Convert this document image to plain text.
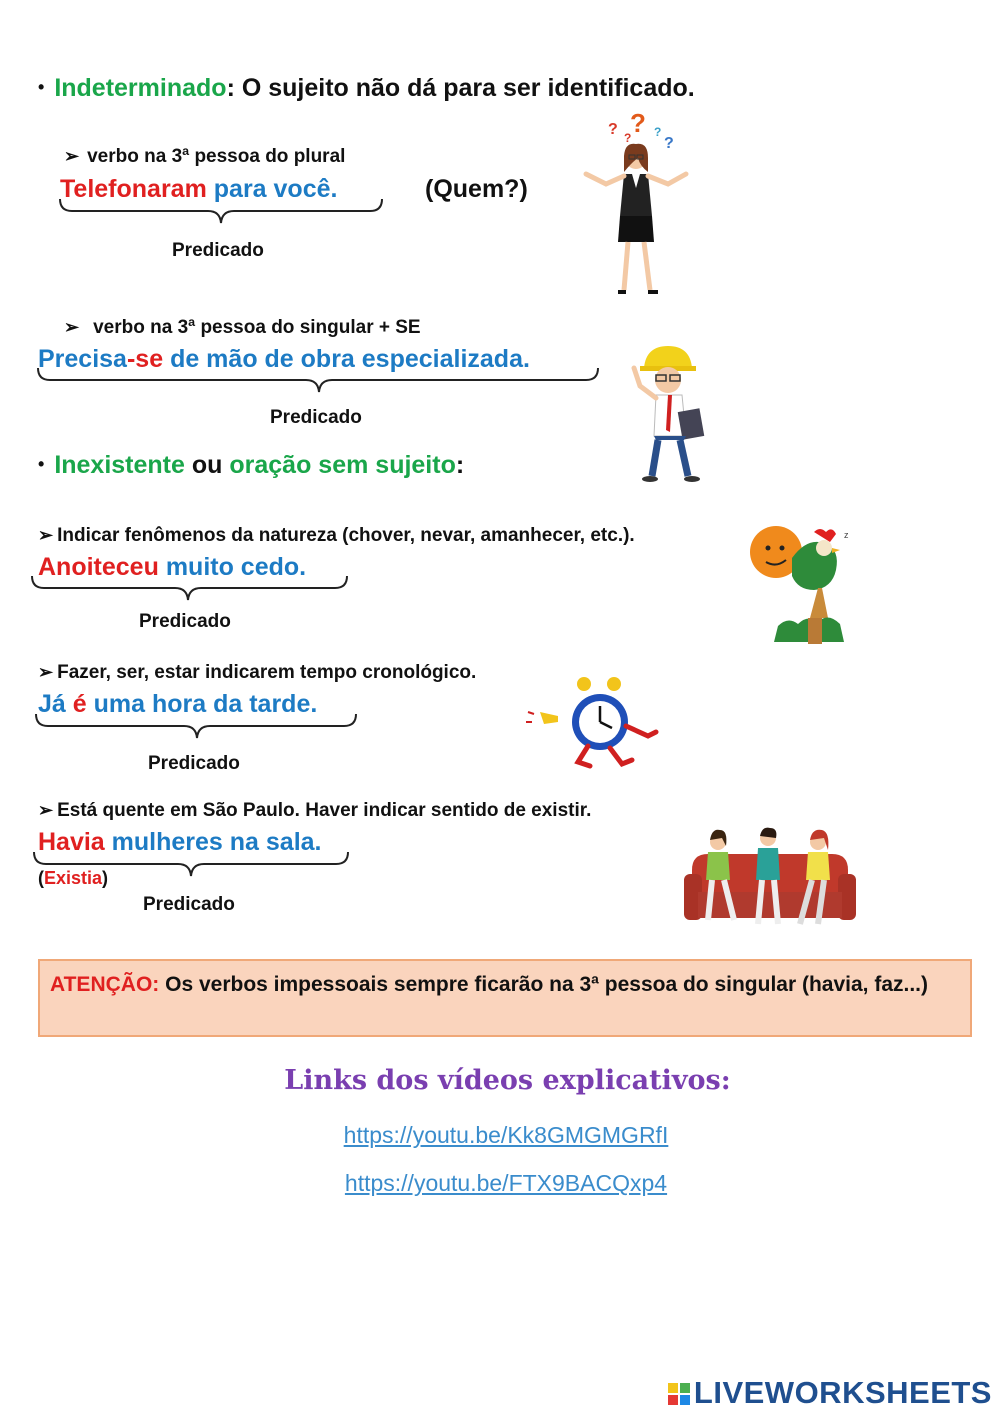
• Indeterminado: O sujeito não dá para ser identificado.
➢ verbo na 3ª pessoa do plural
Telefonaram para você.	(Quem?)
Predicado
? ?
? ?
?
➢ verbo na 3ª pessoa do singular + SE
Precisa-se de mão de obra especializada.
Predicado
• Inexistente ou oração sem sujeito:
➢ Indicar fenômenos da natureza (chover, nevar, amanhecer, etc.).
Anoiteceu muito cedo.
Predicado
z
➢ Fazer, ser, estar indicarem tempo cronológico.
Já é uma hora da tarde.
Predicado
➢ Está quente em São Paulo. Haver indicar sentido de existir.
Havia mulheres na sala.
(Existia)
Predicado
ATENÇÃO: Os verbos impessoais sempre ficarão na 3ª pessoa do singular (havia, faz...)
Links dos vídeos explicativos:
https://youtu.be/Kk8GMGMGRfI
https://youtu.be/FTX9BACQxp4
LIVEWORKSHEETS
